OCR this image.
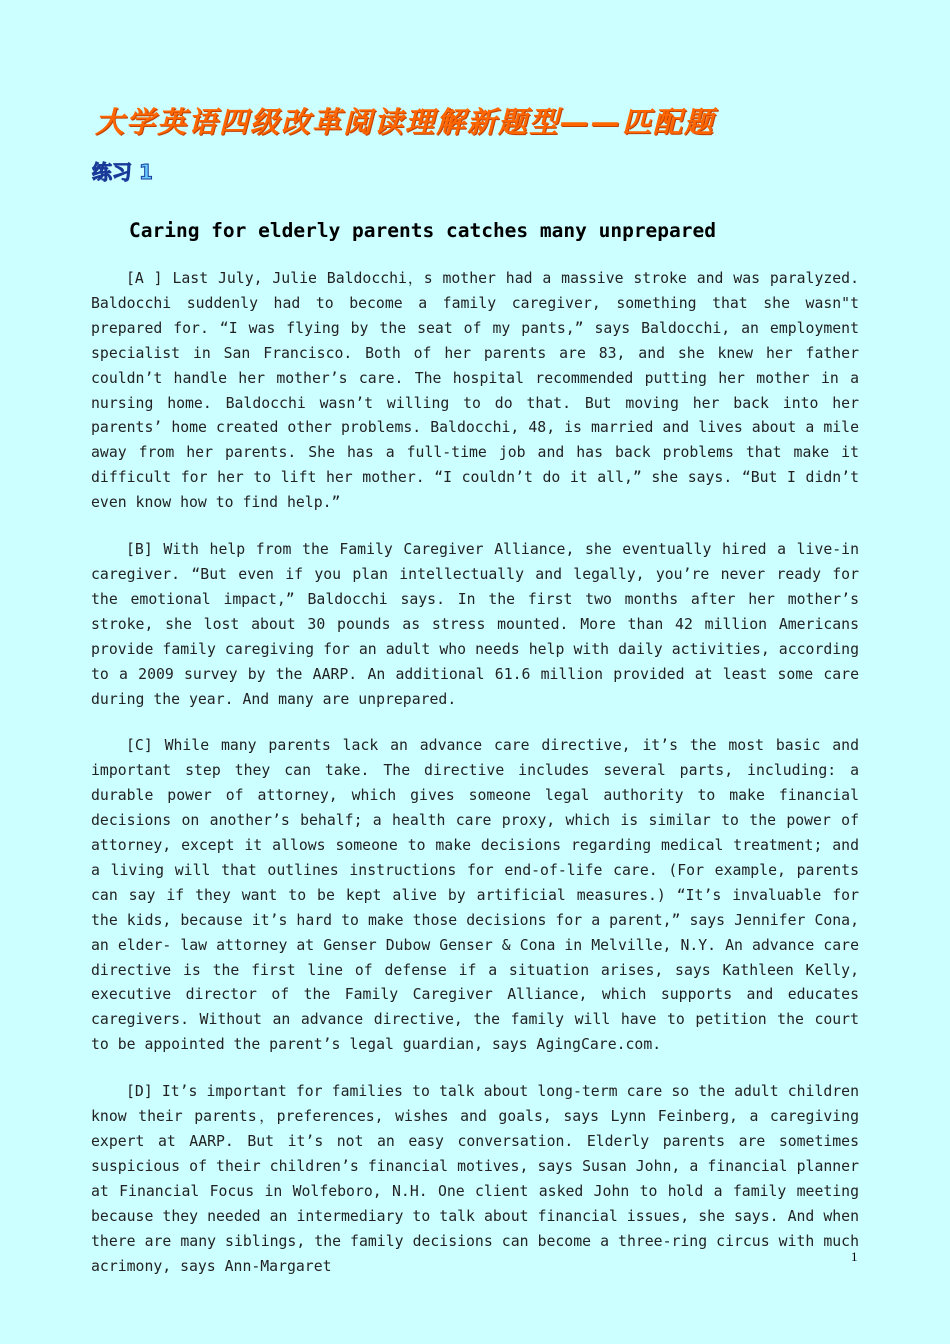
大学英语四级改革阅读理解新题型——匹配题
练习 1
Caring for elderly parents catches many unprepared

[A ] Last July, Julie Baldocchi，s mother had a massive stroke and was paralyzed. Baldocchi suddenly had to become a family caregiver, something that she wasn"t prepared for. “I was flying by the seat of my pants,” says Baldocchi, an employment specialist in San Francisco. Both of her parents are 83, and she knew her father couldn’t handle her mother’s care. The hospital recommended putting her mother in a nursing home. Baldocchi wasn’t willing to do that. But moving her back into her parents’ home created other problems. Baldocchi, 48, is married and lives about a mile away from her parents. She has a full-time job and has back problems that make it difficult for her to lift her mother. “I couldn’t do it all,” she says. “But I didn’t even know how to find help.”

[B] With help from the Family Caregiver Alliance, she eventually hired a live-in caregiver. “But even if you plan intellectually and legally, you’re never ready for the emotional impact,” Baldocchi says. In the first two months after her mother’s stroke, she lost about 30 pounds as stress mounted. More than 42 million Americans provide family caregiving for an adult who needs help with daily activities, according to a 2009 survey by the AARP. An additional 61.6 million provided at least some care during the year. And many are unprepared.

[C] While many parents lack an advance care directive, it’s the most basic and important step they can take. The directive includes several parts, including: a durable power of attorney, which gives someone legal authority to make financial decisions on another’s behalf; a health care proxy, which is similar to the power of attorney, except it allows someone to make decisions regarding medical treatment; and a living will that outlines instructions for end-of-life care. (For example, parents can say if they want to be kept alive by artificial measures.) “It’s invaluable for the kids, because it’s hard to make those decisions for a parent,” says Jennifer Cona, an elder- law attorney at Genser Dubow Genser & Cona in Melville, N.Y. An advance care directive is the first line of defense if a situation arises, says Kathleen Kelly, executive director of the Family Caregiver Alliance, which supports and educates caregivers. Without an advance directive, the family will have to petition the court to be appointed the parent’s legal guardian, says AgingCare.com.

[D] It’s important for families to talk about long-term care so the adult children know their parents，preferences, wishes and goals, says Lynn Feinberg, a caregiving expert at AARP. But it’s not an easy conversation. Elderly parents are sometimes suspicious of their children’s financial motives, says Susan John, a financial planner at Financial Focus in Wolfeboro, N.H. One client asked John to hold a family meeting because they needed an intermediary to talk about financial issues, she says. And when there are many siblings, the family decisions can become a three-ring circus with much acrimony, says Ann-Margaret

1
